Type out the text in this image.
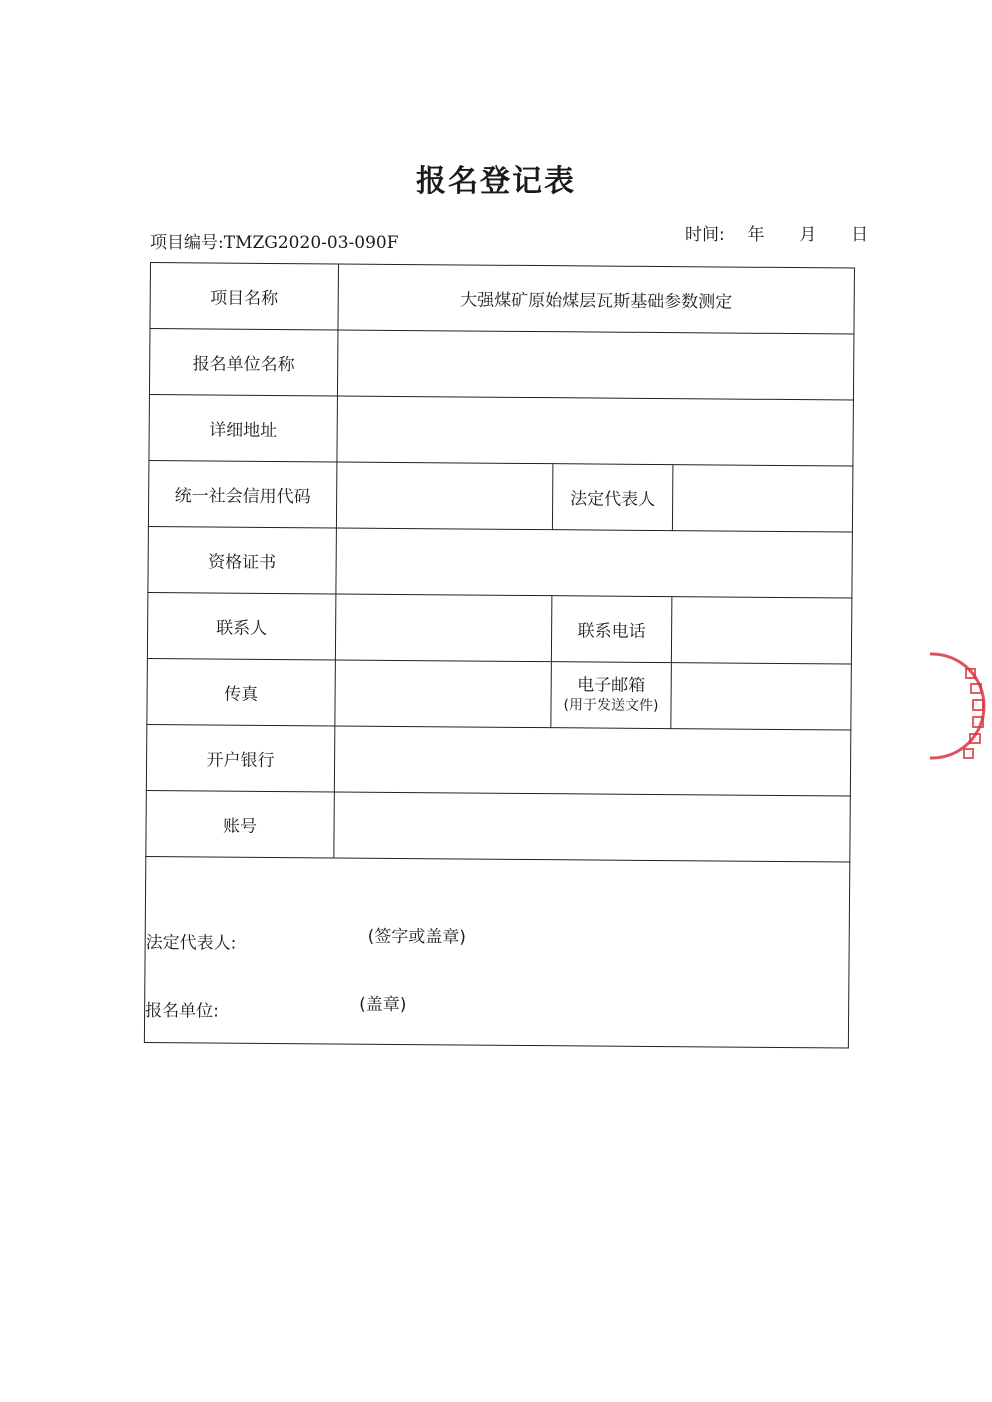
报名登记表
项目编号:TMZG2020-03-090F	时间: 年 月 日
项目名称	大强煤矿原始煤层瓦斯基础参数测定		
报名单位名称			
详细地址			
统一社会信用代码		法定代表人	
资格证书			
联系人		联系电话	
传真		电子邮箱
(用于发送文件)	

开户银行			
账号			

法定代表人: (签字或盖章)
报名单位: (盖章)			
